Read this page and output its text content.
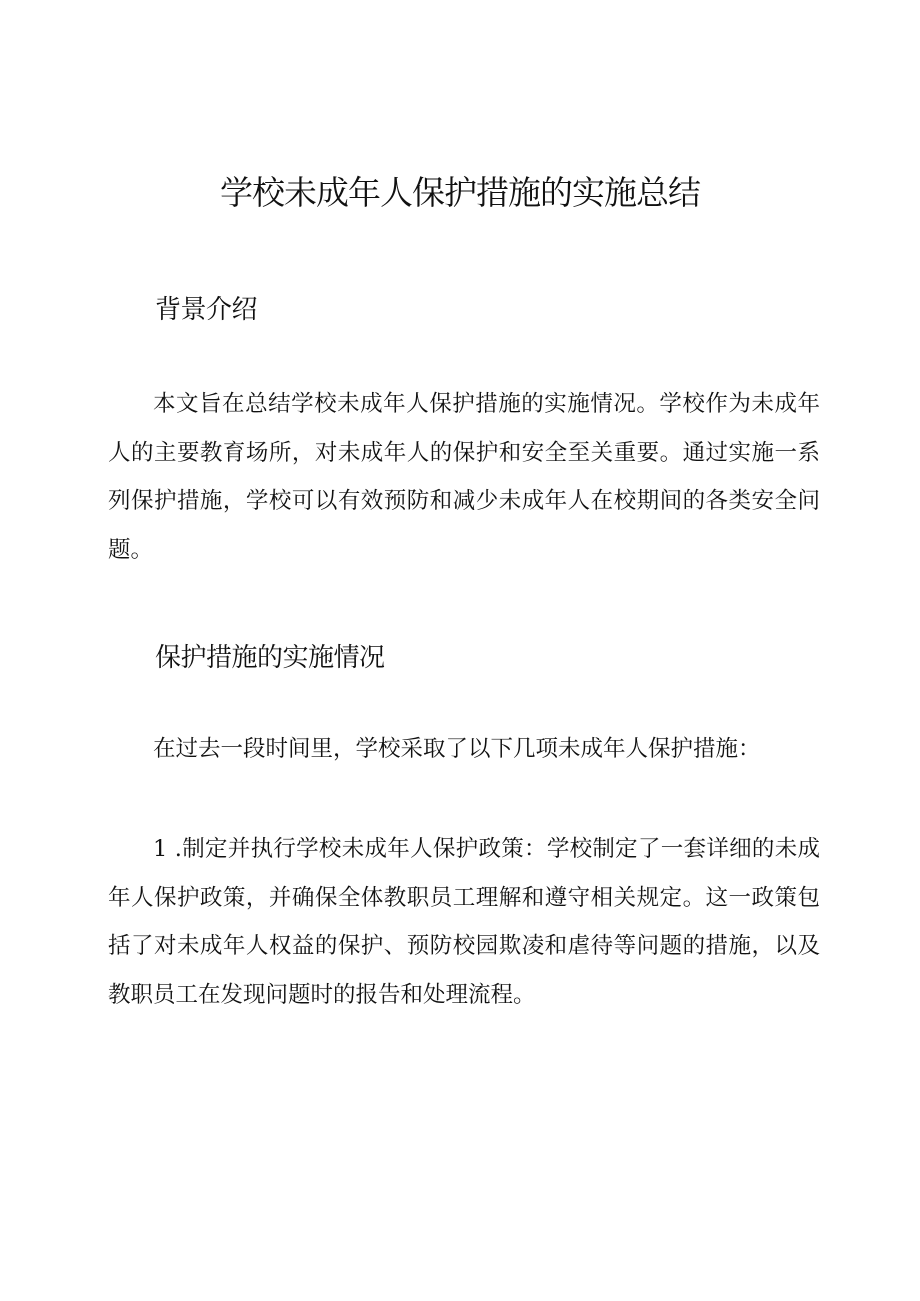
学校未成年人保护措施的实施总结
背景介绍

本文旨在总结学校未成年人保护措施的实施情况。学校作为未成年人的主要教育场所，对未成年人的保护和安全至关重要。通过实施一系列保护措施，学校可以有效预防和减少未成年人在校期间的各类安全问题。

保护措施的实施情况

在过去一段时间里，学校采取了以下几项未成年人保护措施：

1 .制定并执行学校未成年人保护政策：学校制定了一套详细的未成年人保护政策，并确保全体教职员工理解和遵守相关规定。这一政策包括了对未成年人权益的保护、预防校园欺凌和虐待等问题的措施，以及教职员工在发现问题时的报告和处理流程。
